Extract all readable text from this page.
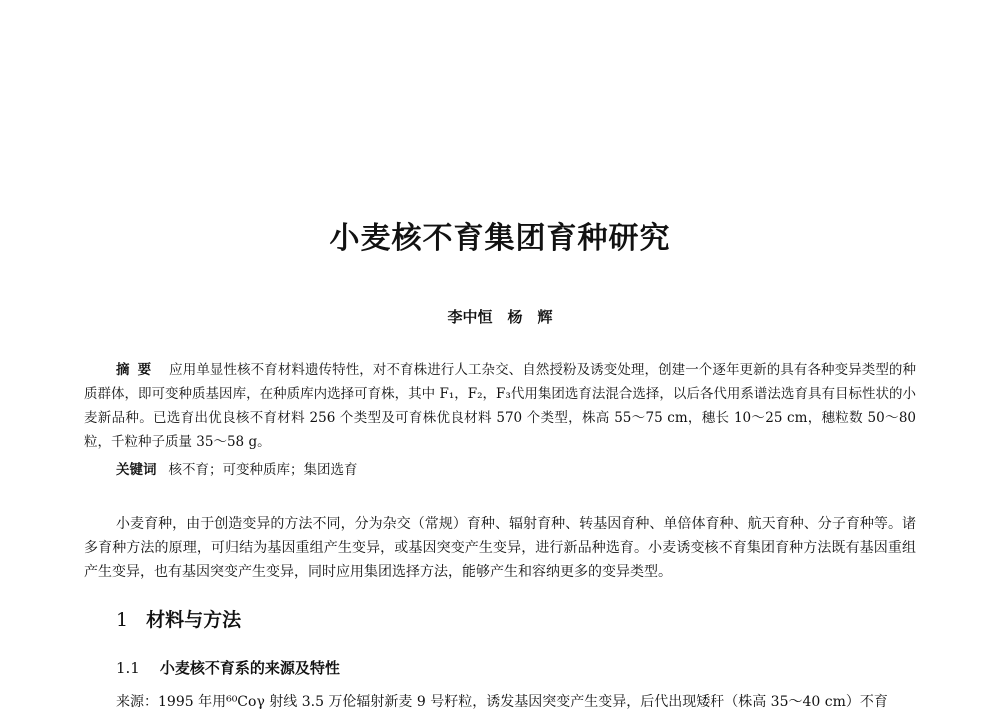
小麦核不育集团育种研究
李中恒　杨　辉
摘要 应用单显性核不育材料遗传特性，对不育株进行人工杂交、自然授粉及诱变处理，创建一个逐年更新的具有各种变异类型的种质群体，即可变种质基因库，在种质库内选择可育株，其中 F₁，F₂，F₃代用集团选育法混合选择，以后各代用系谱法选育具有目标性状的小麦新品种。已选育出优良核不育材料 256 个类型及可育株优良材料 570 个类型，株高 55～75 cm，穗长 10～25 cm，穗粒数 50～80 粒，千粒种子质量 35～58 g。
关键词 核不育；可变种质库；集团选育
小麦育种，由于创造变异的方法不同，分为杂交（常规）育种、辐射育种、转基因育种、单倍体育种、航天育种、分子育种等。诸多育种方法的原理，可归结为基因重组产生变异，或基因突变产生变异，进行新品种选育。小麦诱变核不育集团育种方法既有基因重组产生变异，也有基因突变产生变异，同时应用集团选择方法，能够产生和容纳更多的变异类型。
1 材料与方法
1.1 小麦核不育系的来源及特性
来源：1995 年用⁶⁰Coγ 射线 3.5 万伦辐射新麦 9 号籽粒，诱发基因突变产生变异，后代出现矮秆（株高 35～40 cm）不育
